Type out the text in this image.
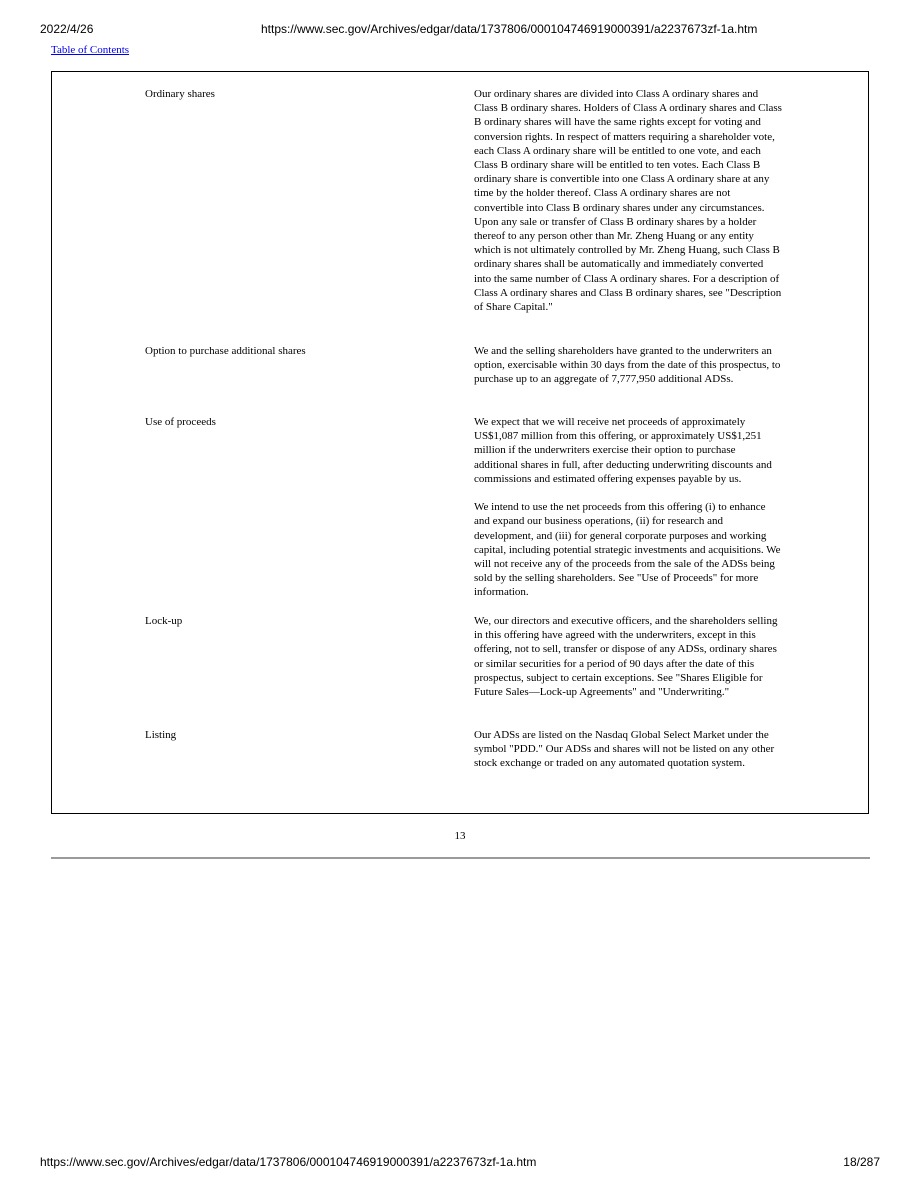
2022/4/26	https://www.sec.gov/Archives/edgar/data/1737806/000104746919000391/a2237673zf-1a.htm
Table of Contents
Ordinary shares	Our ordinary shares are divided into Class A ordinary shares and Class B ordinary shares. Holders of Class A ordinary shares and Class B ordinary shares will have the same rights except for voting and conversion rights. In respect of matters requiring a shareholder vote, each Class A ordinary share will be entitled to one vote, and each Class B ordinary share will be entitled to ten votes. Each Class B ordinary share is convertible into one Class A ordinary share at any time by the holder thereof. Class A ordinary shares are not convertible into Class B ordinary shares under any circumstances. Upon any sale or transfer of Class B ordinary shares by a holder thereof to any person other than Mr. Zheng Huang or any entity which is not ultimately controlled by Mr. Zheng Huang, such Class B ordinary shares shall be automatically and immediately converted into the same number of Class A ordinary shares. For a description of Class A ordinary shares and Class B ordinary shares, see "Description of Share Capital."

Option to purchase additional shares	We and the selling shareholders have granted to the underwriters an option, exercisable within 30 days from the date of this prospectus, to purchase up to an aggregate of 7,777,950 additional ADSs.

Use of proceeds	We expect that we will receive net proceeds of approximately US$1,087 million from this offering, or approximately US$1,251 million if the underwriters exercise their option to purchase additional shares in full, after deducting underwriting discounts and commissions and estimated offering expenses payable by us.

We intend to use the net proceeds from this offering (i) to enhance and expand our business operations, (ii) for research and development, and (iii) for general corporate purposes and working capital, including potential strategic investments and acquisitions. We will not receive any of the proceeds from the sale of the ADSs being sold by the selling shareholders. See "Use of Proceeds" for more information.

Lock-up	We, our directors and executive officers, and the shareholders selling in this offering have agreed with the underwriters, except in this offering, not to sell, transfer or dispose of any ADSs, ordinary shares or similar securities for a period of 90 days after the date of this prospectus, subject to certain exceptions. See "Shares Eligible for Future Sales—Lock-up Agreements" and "Underwriting."

Listing	Our ADSs are listed on the Nasdaq Global Select Market under the symbol "PDD." Our ADSs and shares will not be listed on any other stock exchange or traded on any automated quotation system.

13
https://www.sec.gov/Archives/edgar/data/1737806/000104746919000391/a2237673zf-1a.htm	18/287
